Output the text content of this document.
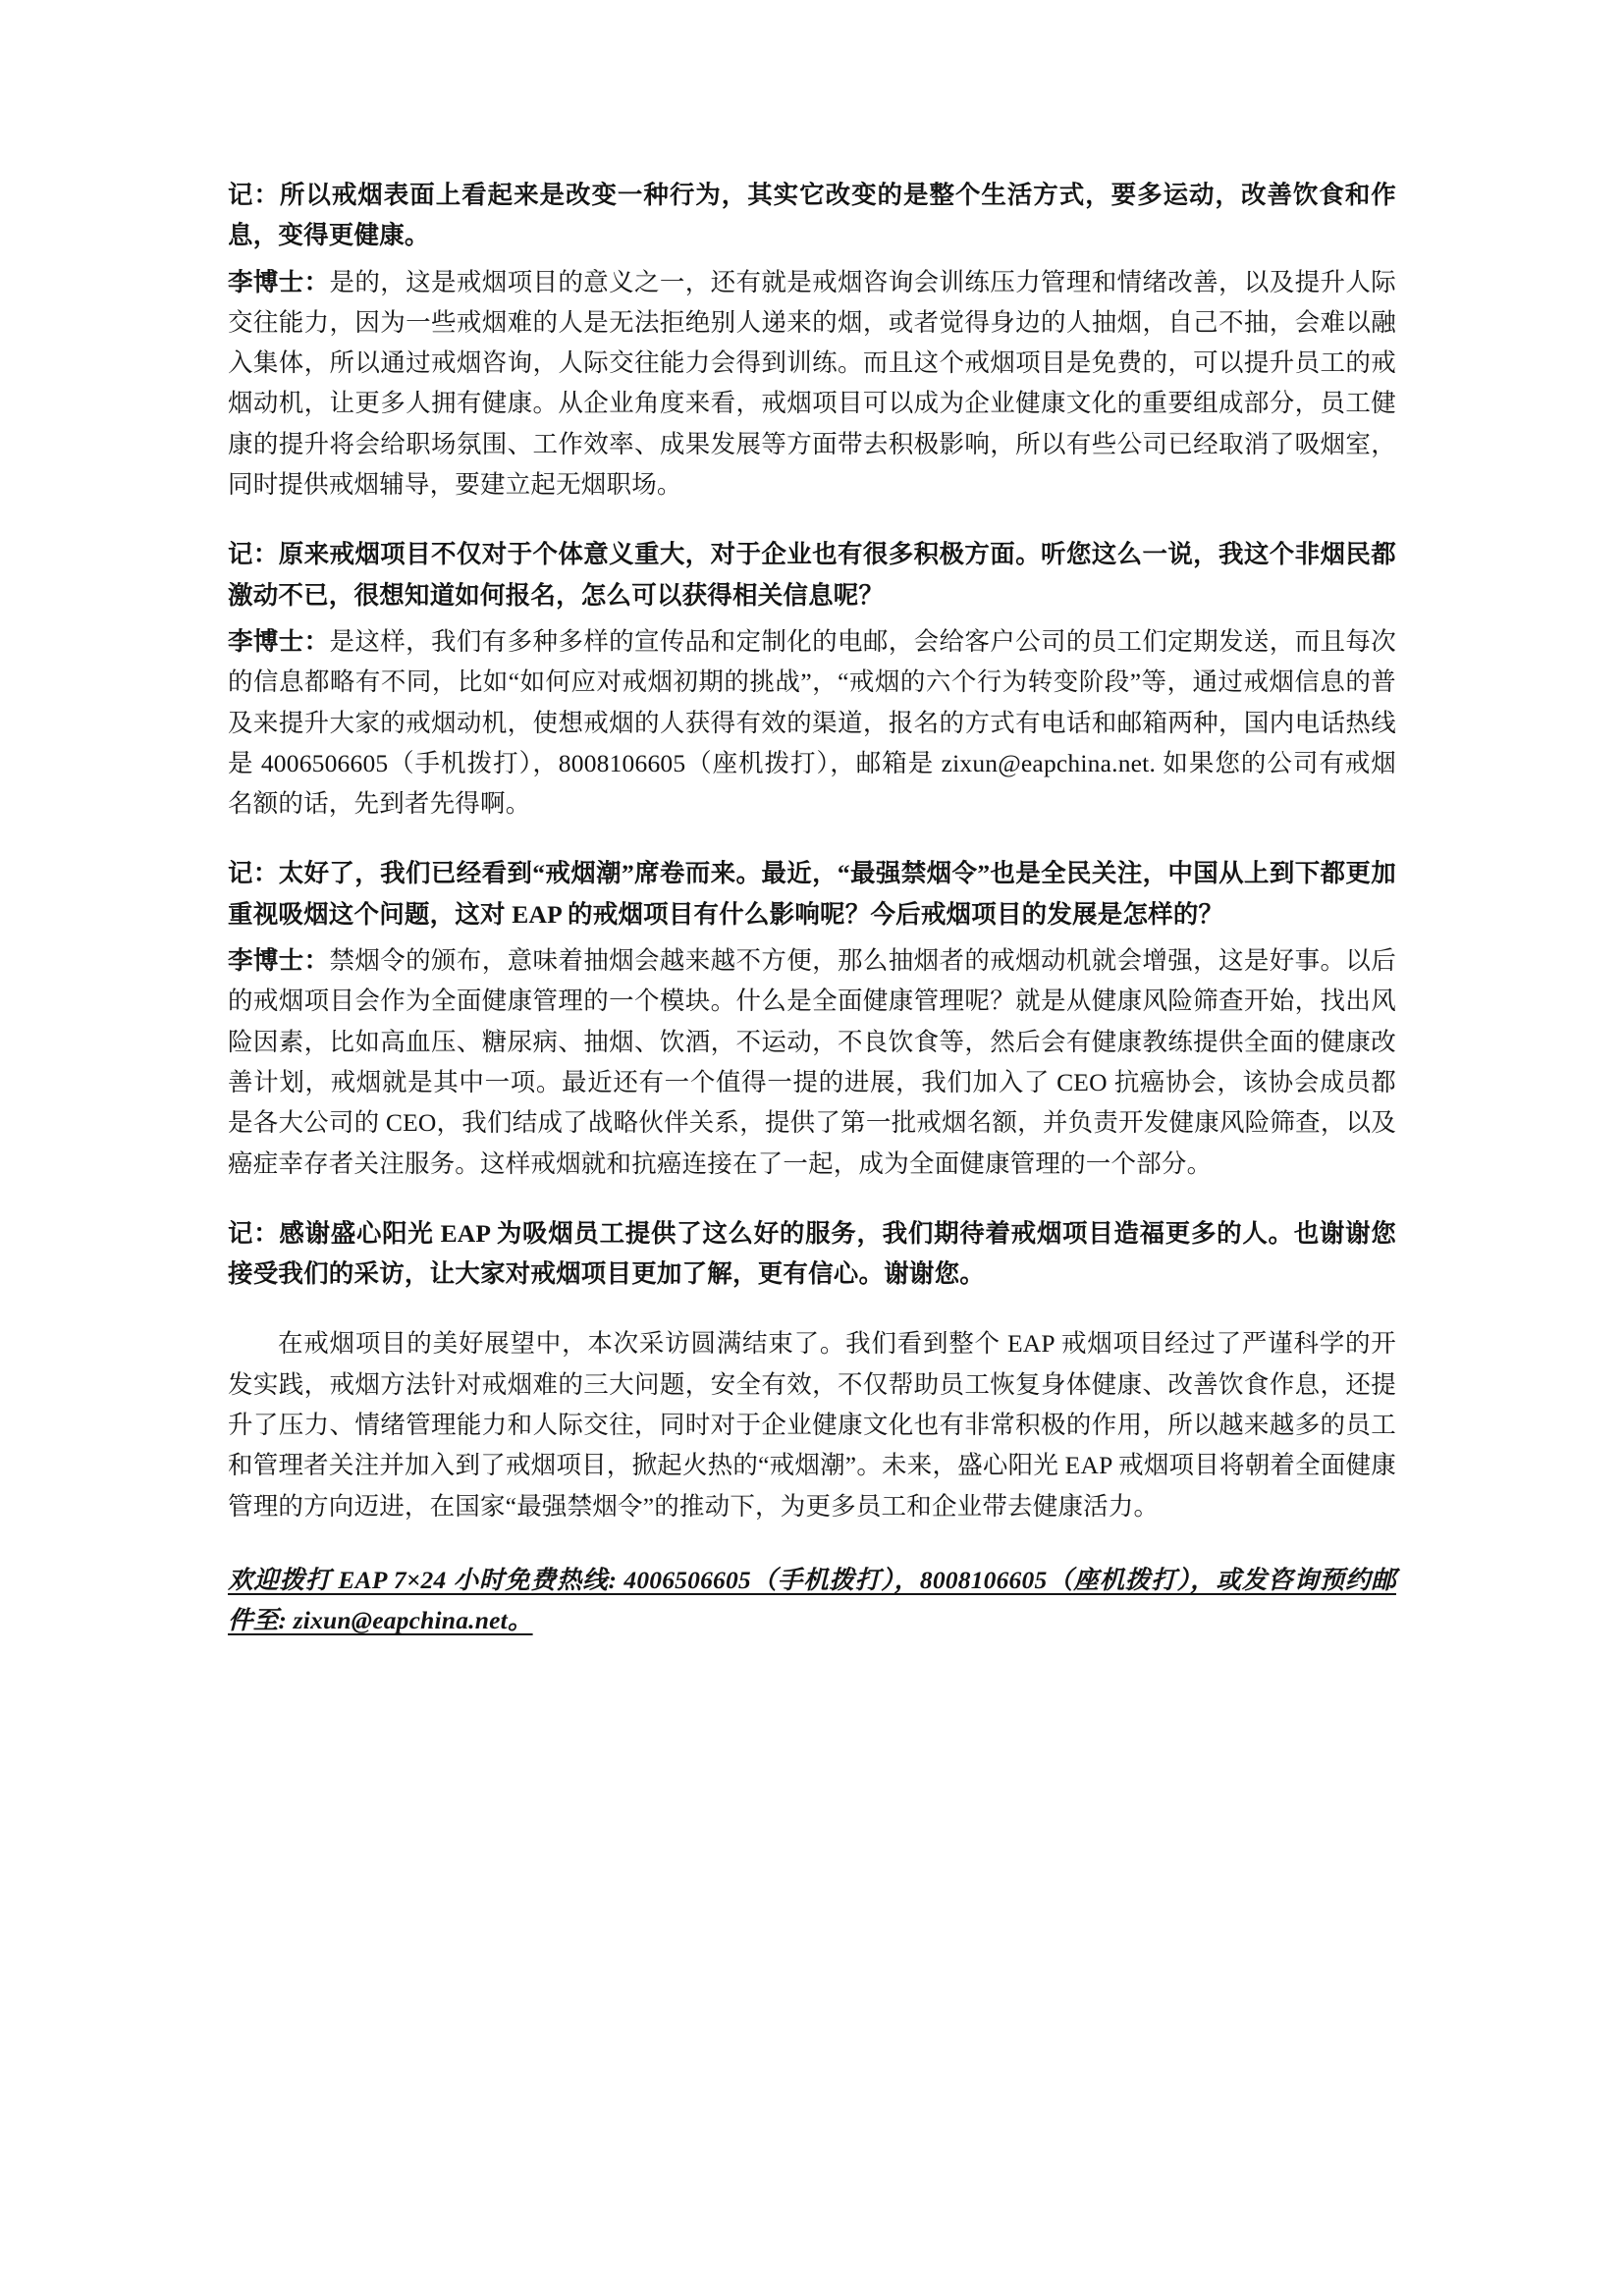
记：所以戒烟表面上看起来是改变一种行为，其实它改变的是整个生活方式，要多运动，改善饮食和作息，变得更健康。

李博士：是的，这是戒烟项目的意义之一，还有就是戒烟咨询会训练压力管理和情绪改善，以及提升人际交往能力，因为一些戒烟难的人是无法拒绝别人递来的烟，或者觉得身边的人抽烟，自己不抽，会难以融入集体，所以通过戒烟咨询，人际交往能力会得到训练。而且这个戒烟项目是免费的，可以提升员工的戒烟动机，让更多人拥有健康。从企业角度来看，戒烟项目可以成为企业健康文化的重要组成部分，员工健康的提升将会给职场氛围、工作效率、成果发展等方面带去积极影响，所以有些公司已经取消了吸烟室，同时提供戒烟辅导，要建立起无烟职场。

记：原来戒烟项目不仅对于个体意义重大，对于企业也有很多积极方面。听您这么一说，我这个非烟民都激动不已，很想知道如何报名，怎么可以获得相关信息呢？

李博士：是这样，我们有多种多样的宣传品和定制化的电邮，会给客户公司的员工们定期发送，而且每次的信息都略有不同，比如“如何应对戒烟初期的挑战”，“戒烟的六个行为转变阶段”等，通过戒烟信息的普及来提升大家的戒烟动机，使想戒烟的人获得有效的渠道，报名的方式有电话和邮箱两种，国内电话热线是 4006506605（手机拨打），8008106605（座机拨打），邮箱是 zixun@eapchina.net. 如果您的公司有戒烟名额的话，先到者先得啊。

记：太好了，我们已经看到“戒烟潮”席卷而来。最近，“最强禁烟令”也是全民关注，中国从上到下都更加重视吸烟这个问题，这对 EAP 的戒烟项目有什么影响呢？今后戒烟项目的发展是怎样的？

李博士：禁烟令的颁布，意味着抽烟会越来越不方便，那么抽烟者的戒烟动机就会增强，这是好事。以后的戒烟项目会作为全面健康管理的一个模块。什么是全面健康管理呢？就是从健康风险筛查开始，找出风险因素，比如高血压、糖尿病、抽烟、饮酒，不运动，不良饮食等，然后会有健康教练提供全面的健康改善计划，戒烟就是其中一项。最近还有一个值得一提的进展，我们加入了 CEO 抗癌协会，该协会成员都是各大公司的 CEO，我们结成了战略伙伴关系，提供了第一批戒烟名额，并负责开发健康风险筛查，以及癌症幸存者关注服务。这样戒烟就和抗癌连接在了一起，成为全面健康管理的一个部分。

记：感谢盛心阳光 EAP 为吸烟员工提供了这么好的服务，我们期待着戒烟项目造福更多的人。也谢谢您接受我们的采访，让大家对戒烟项目更加了解，更有信心。谢谢您。

在戒烟项目的美好展望中，本次采访圆满结束了。我们看到整个 EAP 戒烟项目经过了严谨科学的开发实践，戒烟方法针对戒烟难的三大问题，安全有效，不仅帮助员工恢复身体健康、改善饮食作息，还提升了压力、情绪管理能力和人际交往，同时对于企业健康文化也有非常积极的作用，所以越来越多的员工和管理者关注并加入到了戒烟项目，掀起火热的“戒烟潮”。未来，盛心阳光 EAP 戒烟项目将朝着全面健康管理的方向迈进，在国家“最强禁烟令”的推动下，为更多员工和企业带去健康活力。

欢迎拨打 EAP 7×24 小时免费热线: 4006506605（手机拨打），8008106605（座机拨打），或发咨询预约邮件至: zixun@eapchina.net。
